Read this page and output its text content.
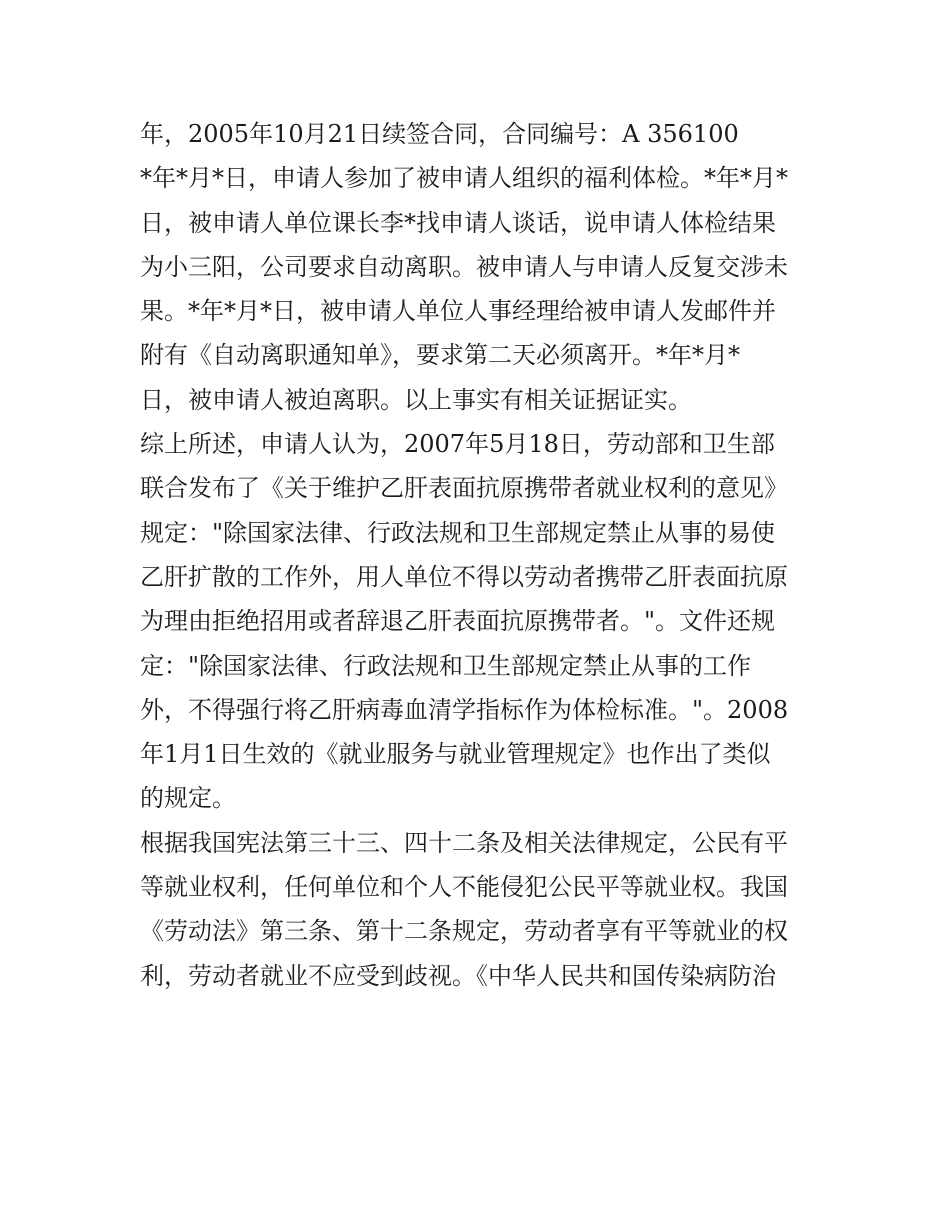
年，2005年10月21日续签合同，合同编号：A 356100
*年*月*日，申请人参加了被申请人组织的福利体检。*年*月*
日，被申请人单位课长李*找申请人谈话，说申请人体检结果
为小三阳，公司要求自动离职。被申请人与申请人反复交涉未
果。*年*月*日，被申请人单位人事经理给被申请人发邮件并
附有《自动离职通知单》，要求第二天必须离开。*年*月*
日，被申请人被迫离职。以上事实有相关证据证实。
综上所述，申请人认为，2007年5月18日，劳动部和卫生部
联合发布了《关于维护乙肝表面抗原携带者就业权利的意见》
规定："除国家法律、行政法规和卫生部规定禁止从事的易使
乙肝扩散的工作外，用人单位不得以劳动者携带乙肝表面抗原
为理由拒绝招用或者辞退乙肝表面抗原携带者。"。文件还规
定："除国家法律、行政法规和卫生部规定禁止从事的工作
外，不得强行将乙肝病毒血清学指标作为体检标准。"。2008
年1月1日生效的《就业服务与就业管理规定》也作出了类似
的规定。
根据我国宪法第三十三、四十二条及相关法律规定，公民有平
等就业权利，任何单位和个人不能侵犯公民平等就业权。我国
《劳动法》第三条、第十二条规定，劳动者享有平等就业的权
利，劳动者就业不应受到歧视。《中华人民共和国传染病防治
